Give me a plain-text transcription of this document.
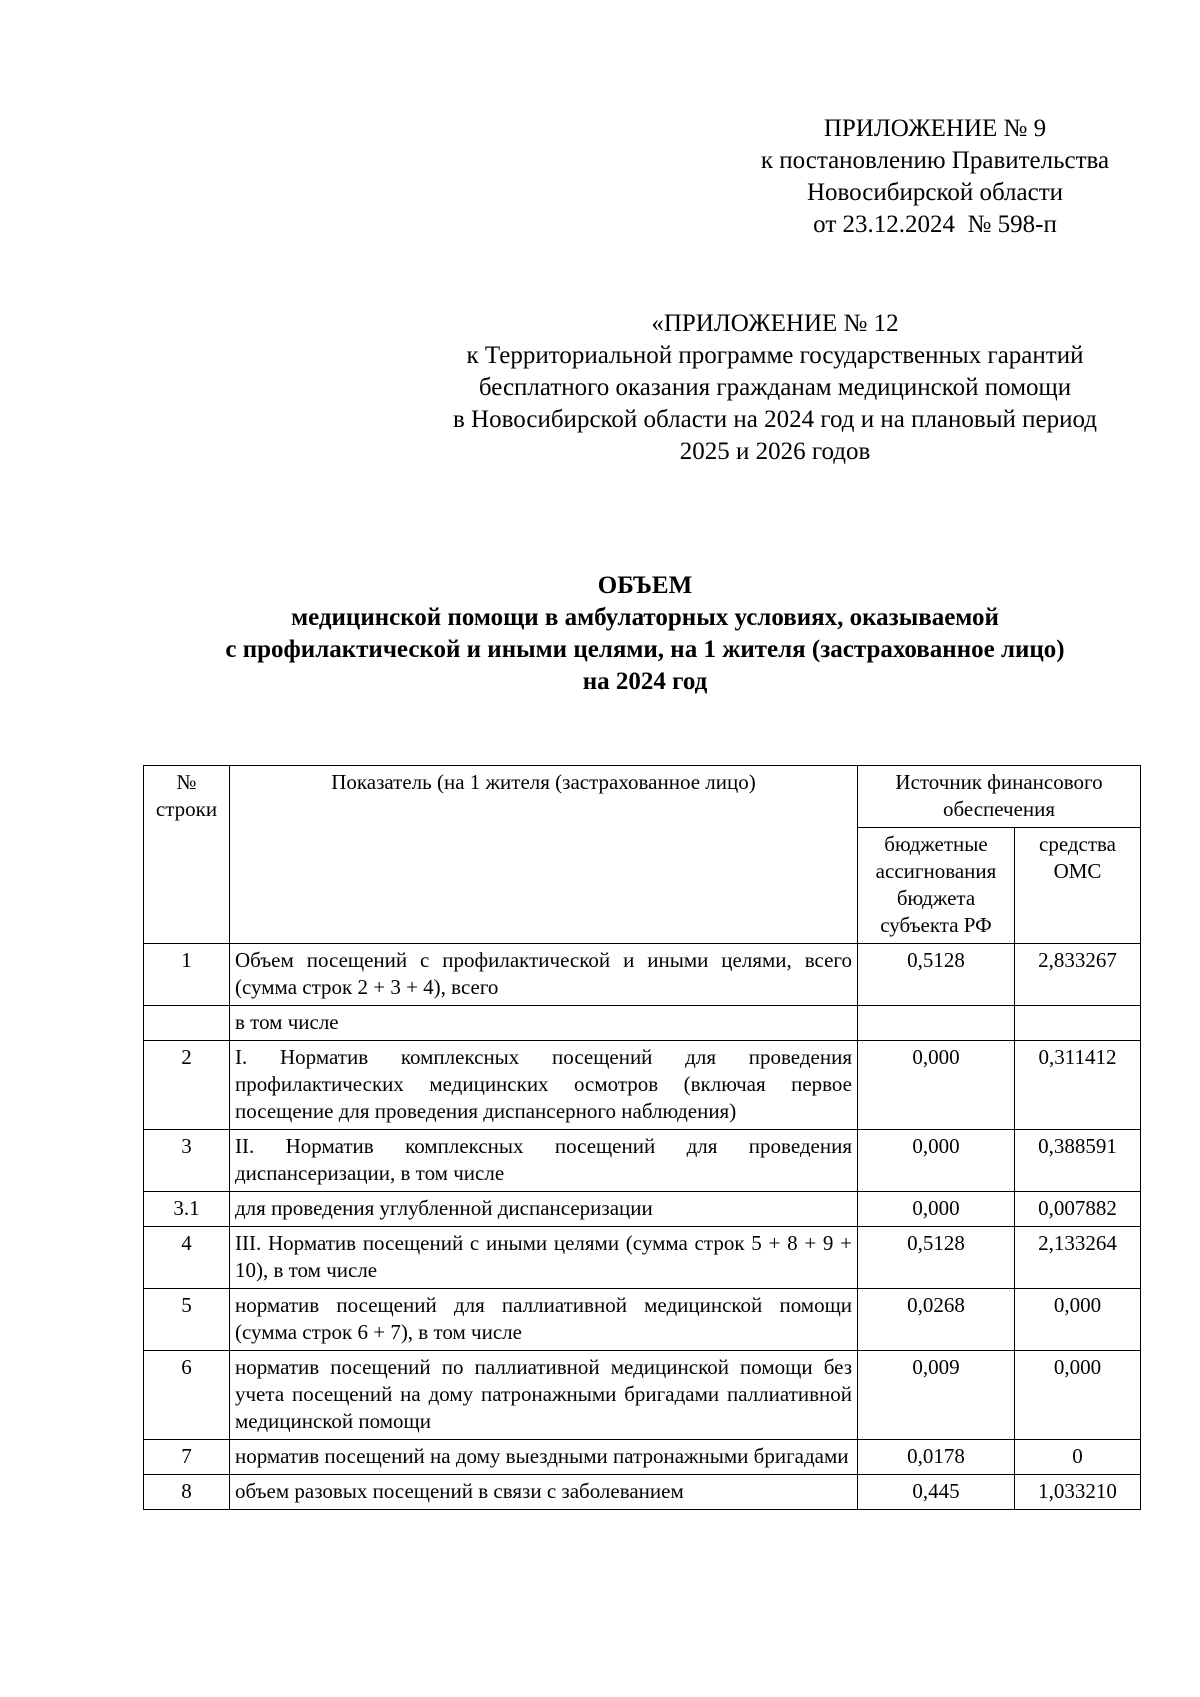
ПРИЛОЖЕНИЕ № 9
к постановлению Правительства
Новосибирской области
от 23.12.2024  № 598-п
«ПРИЛОЖЕНИЕ № 12
к Территориальной программе государственных гарантий
бесплатного оказания гражданам медицинской помощи
в Новосибирской области на 2024 год и на плановый период
2025 и 2026 годов
ОБЪЕМ
медицинской помощи в амбулаторных условиях, оказываемой
с профилактической и иными целями, на 1 жителя (застрахованное лицо)
на 2024 год
№ строки	Показатель (на 1 жителя (застрахованное лицо)	Источник финансового обеспечения	
		бюджетные ассигнования бюджета субъекта РФ	средства ОМС
1	Объем посещений с профилактической и иными целями, всего (сумма строк 2 + 3 + 4), всего	0,5128	2,833267
	в том числе		
2	I. Норматив комплексных посещений для проведения профилактических медицинских осмотров (включая первое посещение для проведения диспансерного наблюдения)	0,000	0,311412
3	II. Норматив комплексных посещений для проведения диспансеризации, в том числе	0,000	0,388591
3.1	для проведения углубленной диспансеризации	0,000	0,007882
4	III. Норматив посещений с иными целями (сумма строк 5 + 8 + 9 + 10), в том числе	0,5128	2,133264
5	норматив посещений для паллиативной медицинской помощи (сумма строк 6 + 7), в том числе	0,0268	0,000
6	норматив посещений по паллиативной медицинской помощи без учета посещений на дому патронажными бригадами паллиативной медицинской помощи	0,009	0,000
7	норматив посещений на дому выездными патронажными бригадами	0,0178	0
8	объем разовых посещений в связи с заболеванием	0,445	1,033210
